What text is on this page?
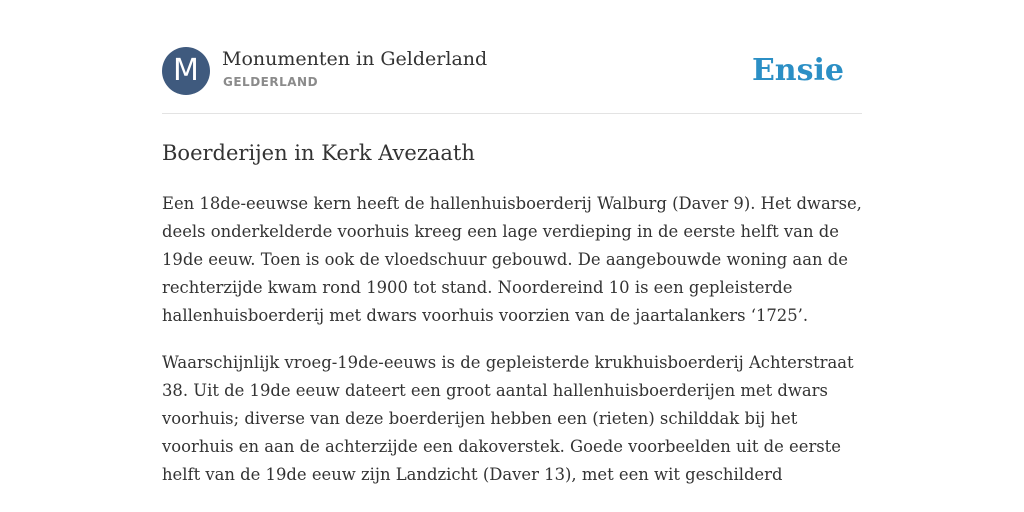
M	Monumenten in Gelderland
GELDERLAND	Ensie
Boerderijen in Kerk Avezaath

Een 18de-eeuwse kern heeft de hallenhuisboerderij Walburg (Daver 9). Het dwarse, deels onderkelderde voorhuis kreeg een lage verdieping in de eerste helft van de 19de eeuw. Toen is ook de vloedschuur gebouwd. De aangebouwde woning aan de rechterzijde kwam rond 1900 tot stand. Noordereind 10 is een gepleisterde hallenhuisboerderij met dwars voorhuis voorzien van de jaartalankers ‘1725’.

Waarschijnlijk vroeg-19de-eeuws is de gepleisterde krukhuisboerderij Achterstraat 38. Uit de 19de eeuw dateert een groot aantal hallenhuisboerderijen met dwars voorhuis; diverse van deze boerderijen hebben een (rieten) schilddak bij het voorhuis en aan de achterzijde een dakoverstek. Goede voorbeelden uit de eerste helft van de 19de eeuw zijn Landzicht (Daver 13), met een wit geschilderd
